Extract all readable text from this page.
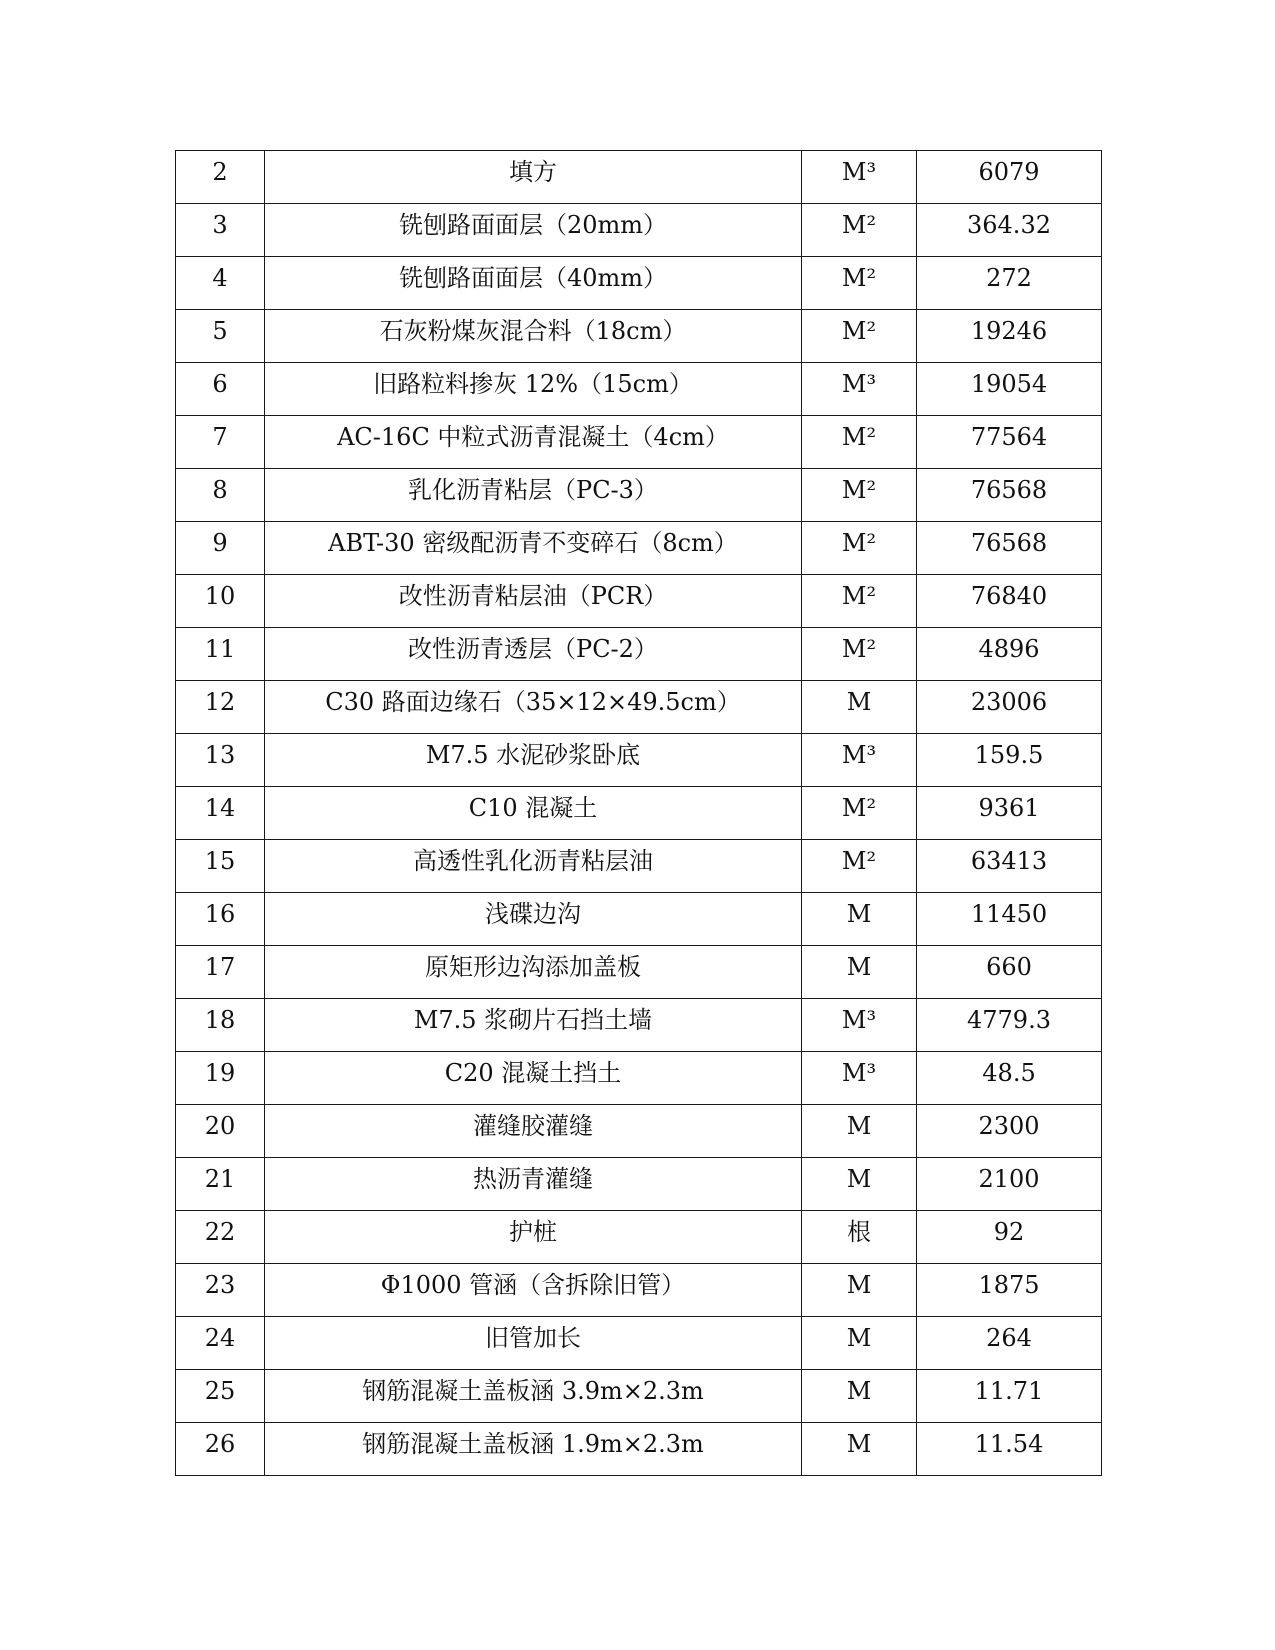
2	填方	M³	6079
3	铣刨路面面层（20mm）	M²	364.32
4	铣刨路面面层（40mm）	M²	272
5	石灰粉煤灰混合料（18cm）	M²	19246
6	旧路粒料掺灰 12%（15cm）	M³	19054
7	AC-16C 中粒式沥青混凝土（4cm）	M²	77564
8	乳化沥青粘层（PC-3）	M²	76568
9	ABT-30 密级配沥青不变碎石（8cm）	M²	76568
10	改性沥青粘层油（PCR）	M²	76840
11	改性沥青透层（PC-2）	M²	4896
12	C30 路面边缘石（35×12×49.5cm）	M	23006
13	M7.5 水泥砂浆卧底	M³	159.5
14	C10 混凝土	M²	9361
15	高透性乳化沥青粘层油	M²	63413
16	浅碟边沟	M	11450
17	原矩形边沟添加盖板	M	660
18	M7.5 浆砌片石挡土墙	M³	4779.3
19	C20 混凝土挡土	M³	48.5
20	灌缝胶灌缝	M	2300
21	热沥青灌缝	M	2100
22	护桩	根	92
23	Φ1000 管涵（含拆除旧管）	M	1875
24	旧管加长	M	264
25	钢筋混凝土盖板涵 3.9m×2.3m	M	11.71
26	钢筋混凝土盖板涵 1.9m×2.3m	M	11.54
